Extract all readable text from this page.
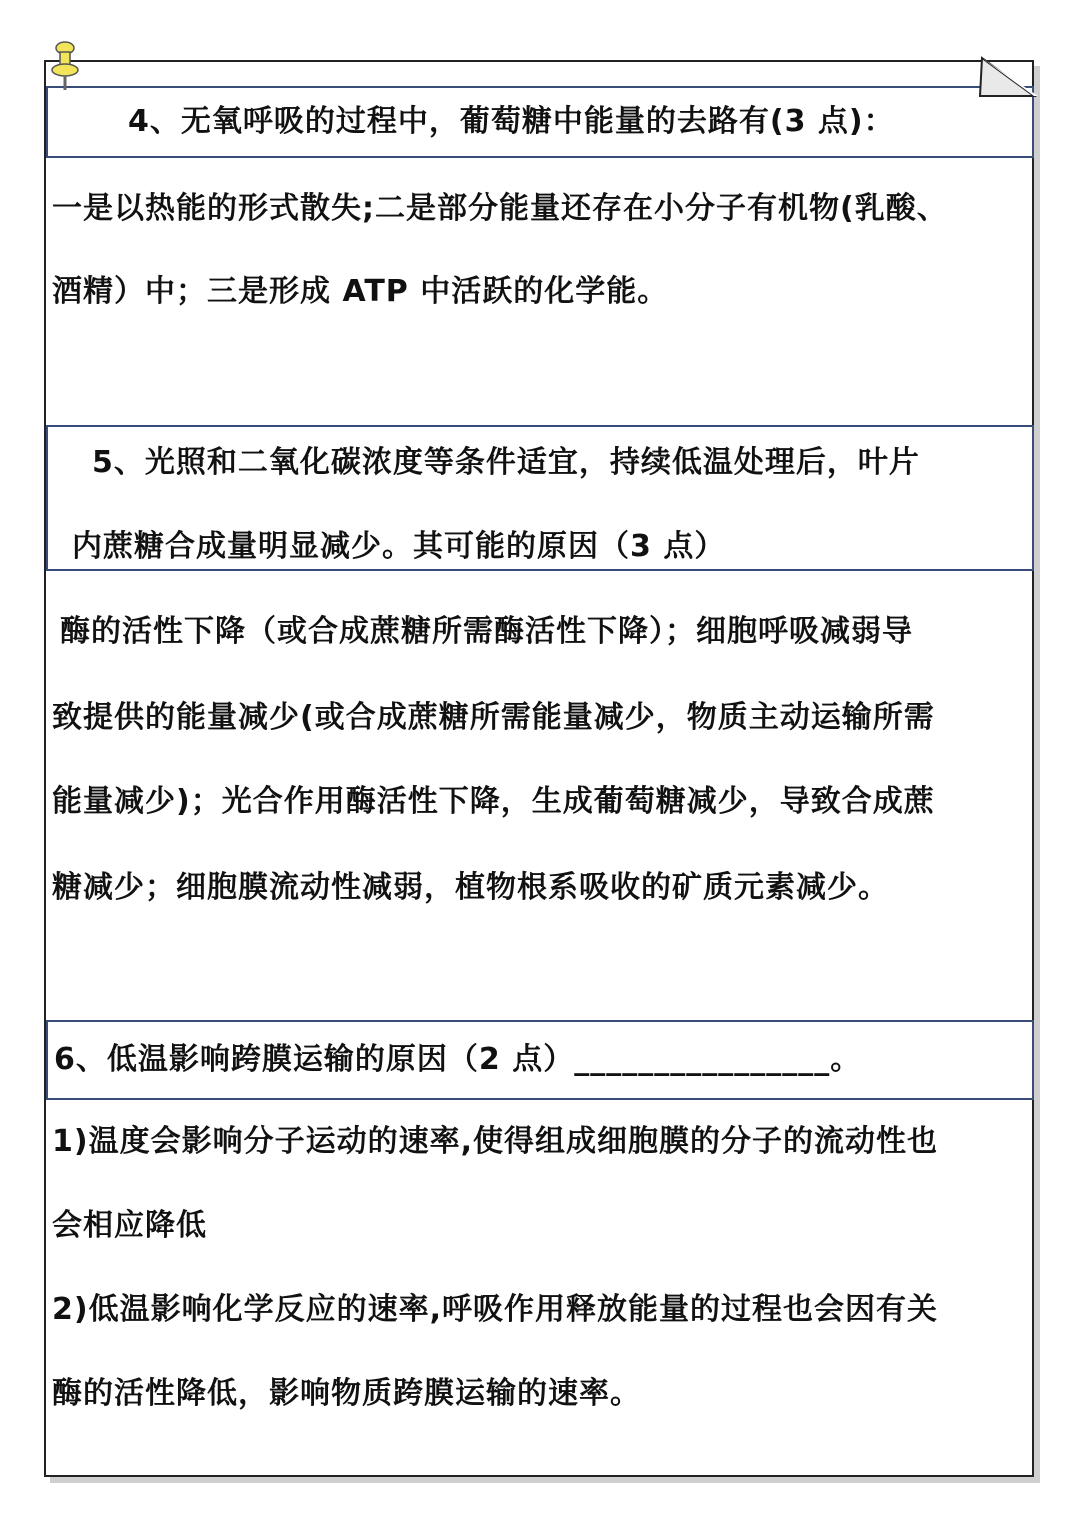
4、无氧呼吸的过程中，葡萄糖中能量的去路有(3 点)：
一是以热能的形式散失;二是部分能量还存在小分子有机物(乳酸、
酒精）中；三是形成 ATP 中活跃的化学能。
5、光照和二氧化碳浓度等条件适宜，持续低温处理后，叶片
内蔗糖合成量明显减少。其可能的原因（3 点）
酶的活性下降（或合成蔗糖所需酶活性下降）；细胞呼吸减弱导
致提供的能量减少(或合成蔗糖所需能量减少，物质主动运输所需
能量减少)；光合作用酶活性下降，生成葡萄糖减少，导致合成蔗
糖减少；细胞膜流动性减弱，植物根系吸收的矿质元素减少。
6、低温影响跨膜运输的原因（2 点）________________。
1)温度会影响分子运动的速率,使得组成细胞膜的分子的流动性也
会相应降低
2)低温影响化学反应的速率,呼吸作用释放能量的过程也会因有关
酶的活性降低，影响物质跨膜运输的速率。
